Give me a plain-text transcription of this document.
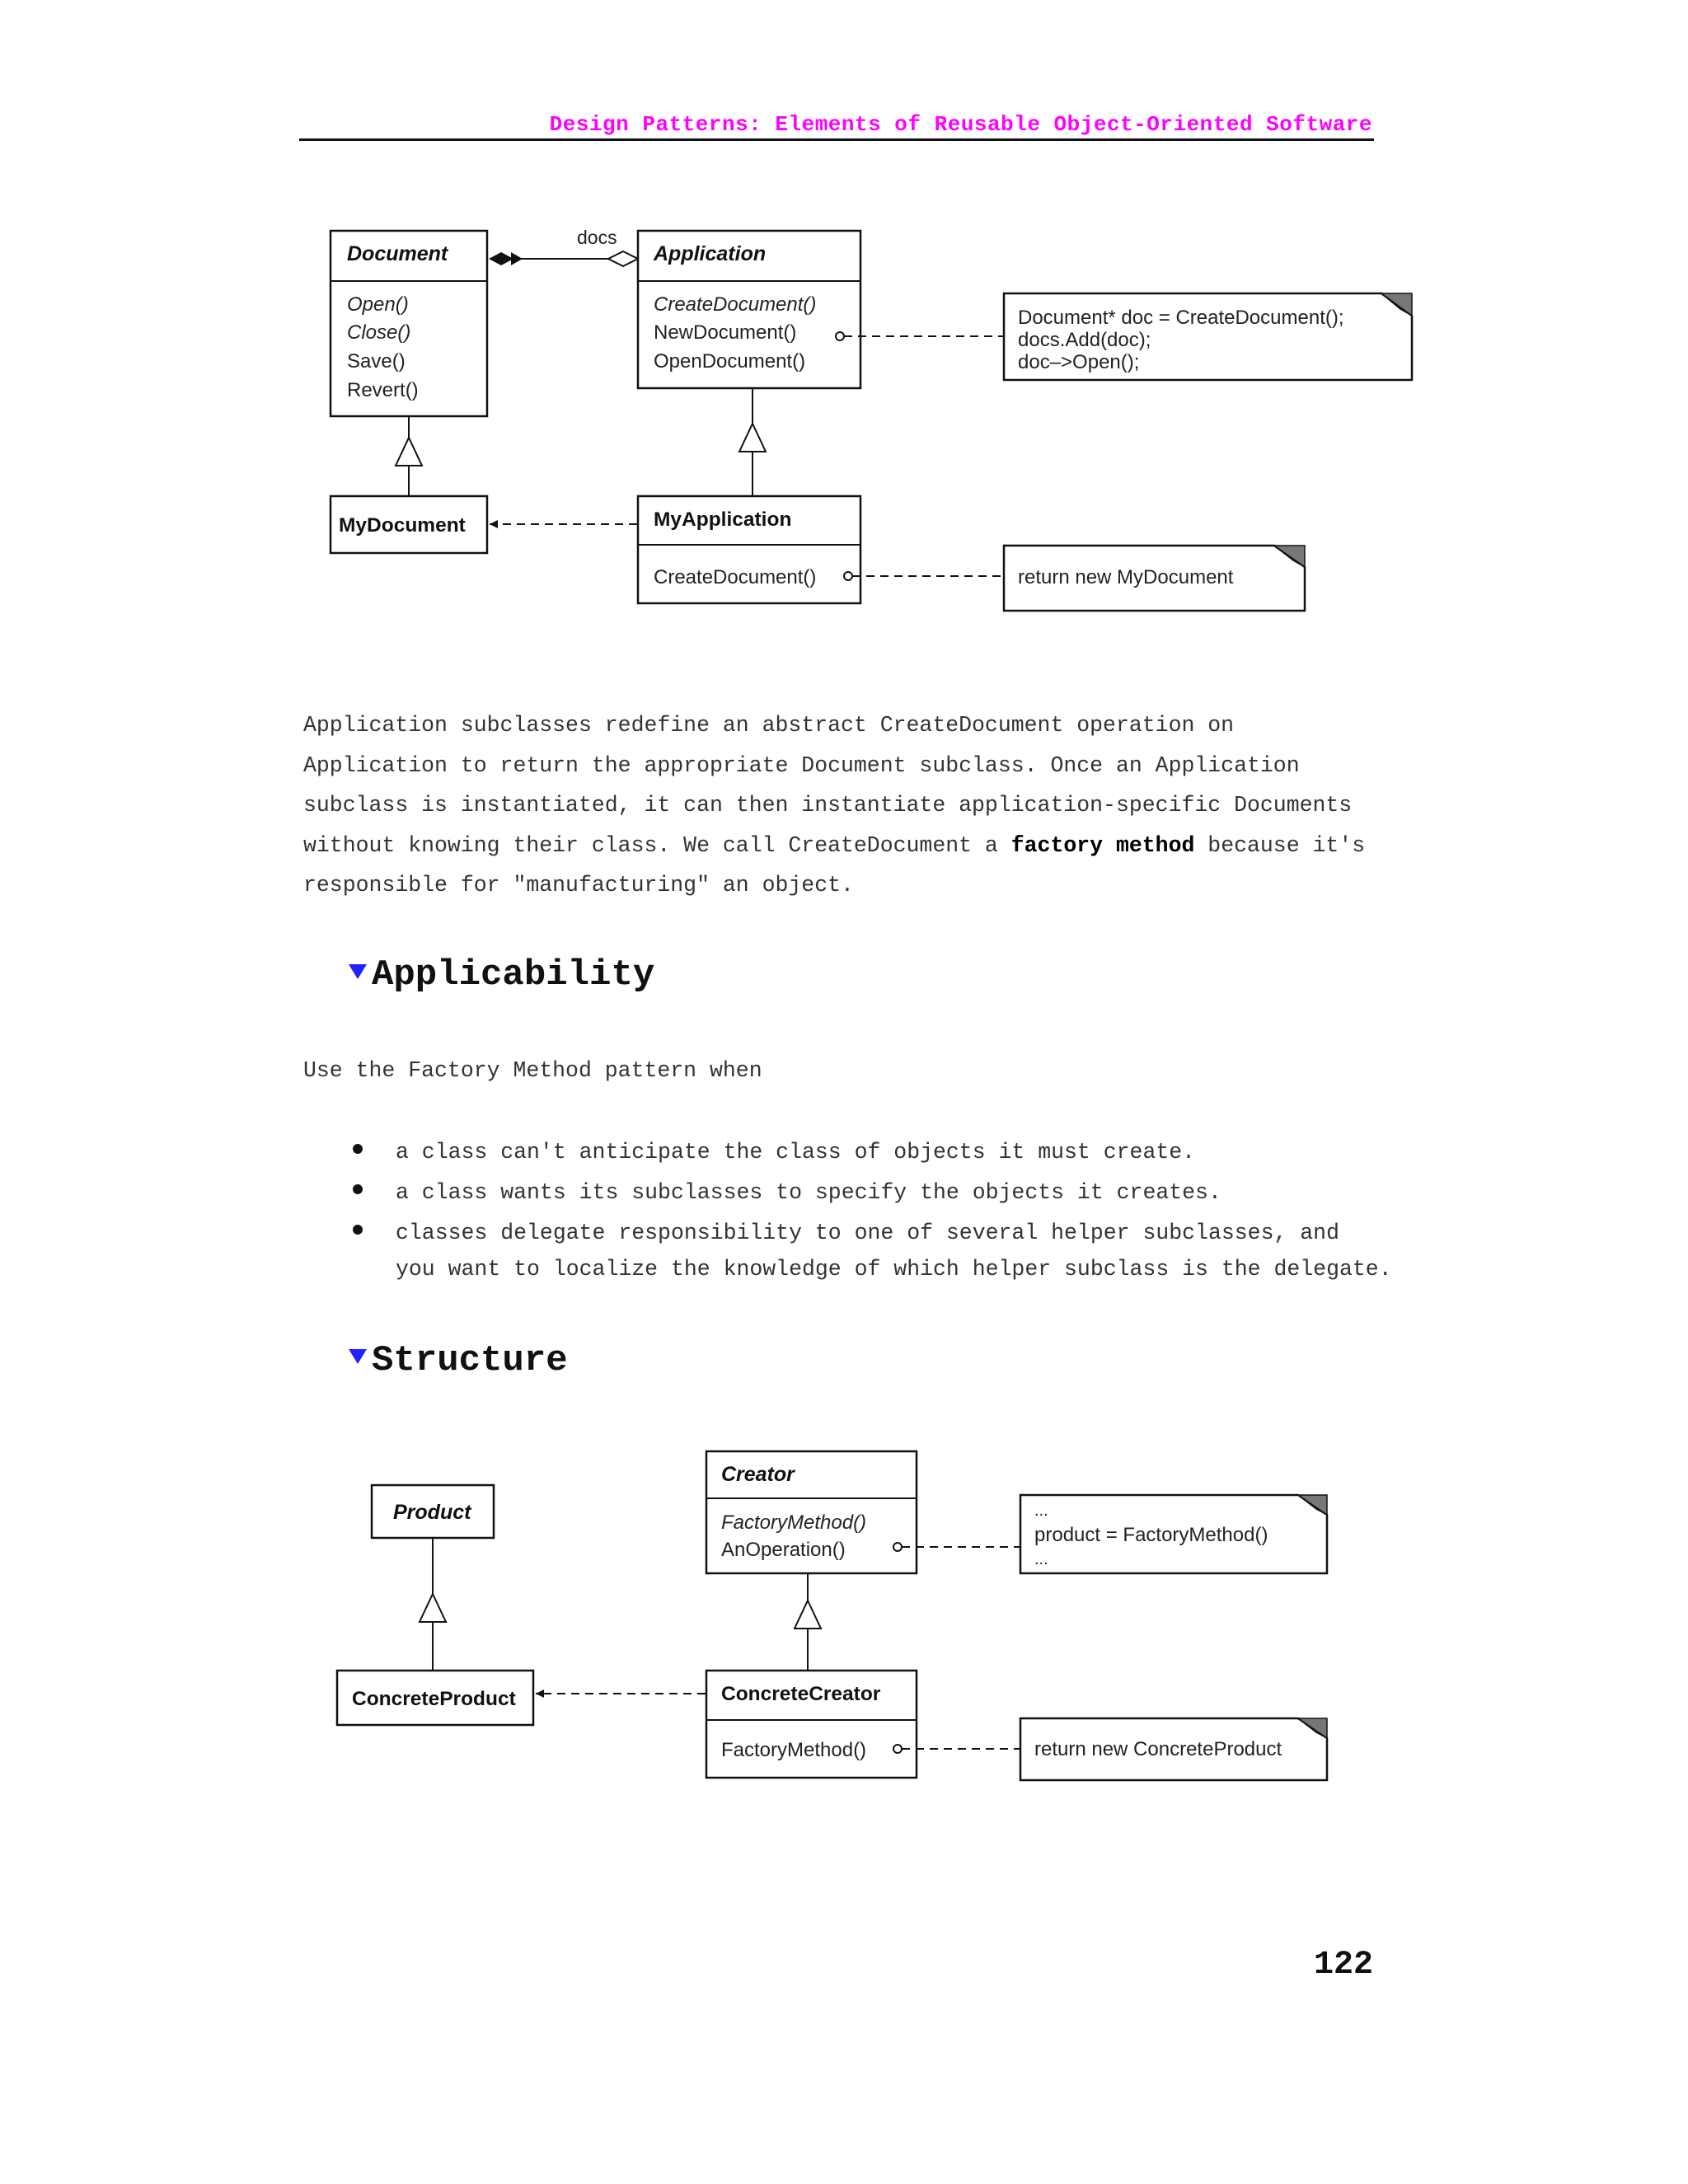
Design Patterns: Elements of Reusable Object-Oriented Software
Document
Open()
Close()
Save()
Revert()
docs
Application
CreateDocument()
NewDocument()
OpenDocument()
Document* doc = CreateDocument();
docs.Add(doc);
doc–>Open();
MyDocument	MyApplication
CreateDocument()	return new MyDocument
Application subclasses redefine an abstract CreateDocument operation on
Application to return the appropriate Document subclass. Once an Application
subclass is instantiated, it can then instantiate application-specific Documents
without knowing their class. We call CreateDocument a factory method because it's
responsible for "manufacturing" an object.
Applicability
Use the Factory Method pattern when
a class can't anticipate the class of objects it must create.
a class wants its subclasses to specify the objects it creates.
classes delegate responsibility to one of several helper subclasses, and
you want to localize the knowledge of which helper subclass is the delegate.
Structure
Product
ConcreteProduct
Creator
FactoryMethod()
AnOperation()
...
product = FactoryMethod()
...
ConcreteCreator
FactoryMethod()	return new ConcreteProduct
122
